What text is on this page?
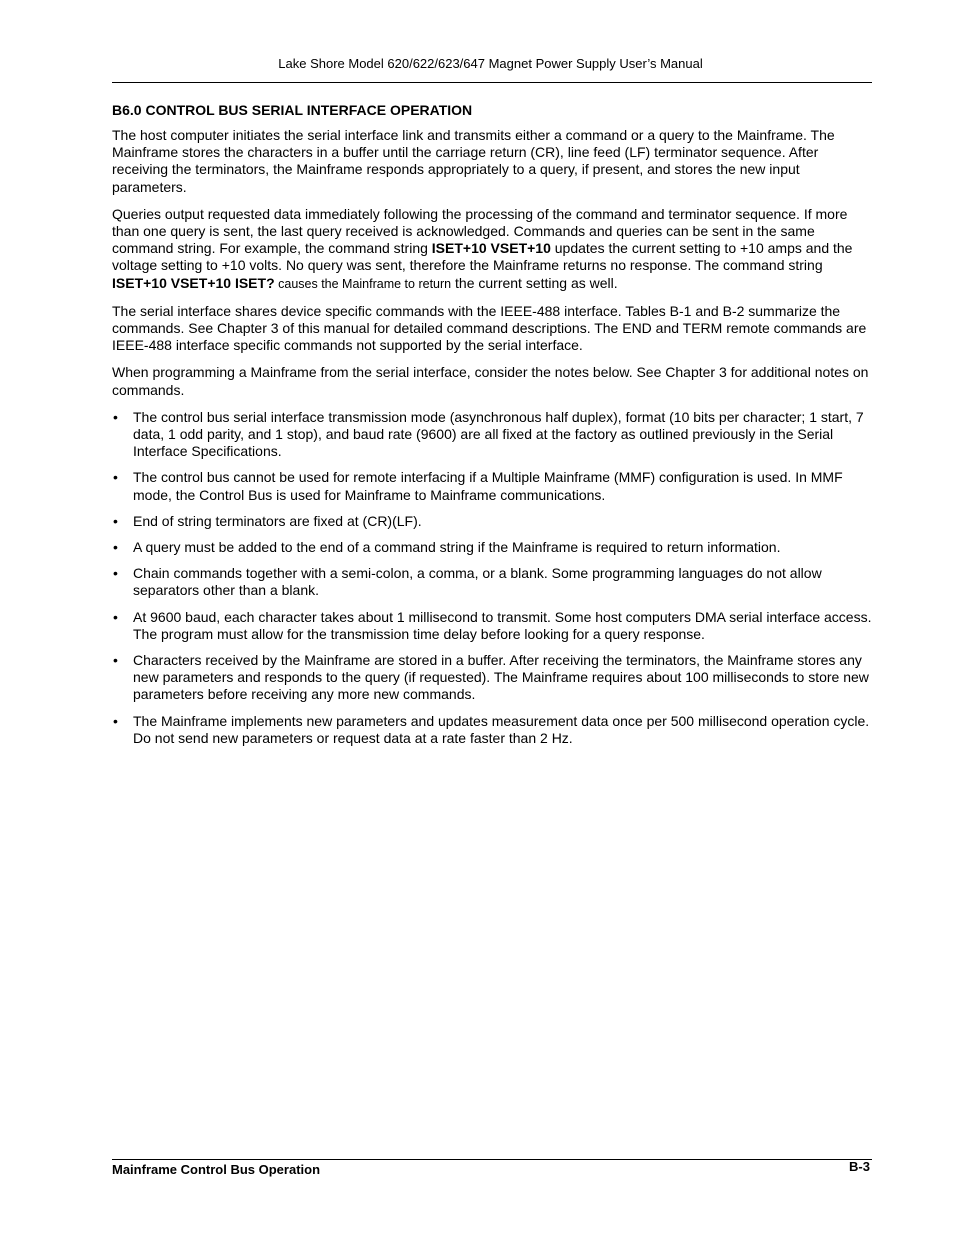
Lake Shore Model 620/622/623/647 Magnet Power Supply User’s Manual
B6.0 CONTROL BUS SERIAL INTERFACE OPERATION

The host computer initiates the serial interface link and transmits either a command or a query to the Mainframe. The Mainframe stores the characters in a buffer until the carriage return (CR), line feed (LF) terminator sequence. After receiving the terminators, the Mainframe responds appropriately to a query, if present, and stores the new input parameters.

Queries output requested data immediately following the processing of the command and terminator sequence. If more than one query is sent, the last query received is acknowledged. Commands and queries can be sent in the same command string. For example, the command string ISET+10 VSET+10 updates the current setting to +10 amps and the voltage setting to +10 volts. No query was sent, therefore the Mainframe returns no response. The command string ISET+10 VSET+10 ISET? causes the Mainframe to return the current setting as well.

The serial interface shares device specific commands with the IEEE-488 interface. Tables B-1 and B-2 summarize the commands. See Chapter 3 of this manual for detailed command descriptions. The END and TERM remote commands are IEEE-488 interface specific commands not supported by the serial interface.

When programming a Mainframe from the serial interface, consider the notes below. See Chapter 3 for additional notes on commands.

• The control bus serial interface transmission mode (asynchronous half duplex), format (10 bits per character; 1 start, 7 data, 1 odd parity, and 1 stop), and baud rate (9600) are all fixed at the factory as outlined previously in the Serial Interface Specifications.
• The control bus cannot be used for remote interfacing if a Multiple Mainframe (MMF) configuration is used. In MMF mode, the Control Bus is used for Mainframe to Mainframe communications.
• End of string terminators are fixed at (CR)(LF).
• A query must be added to the end of a command string if the Mainframe is required to return information.
• Chain commands together with a semi-colon, a comma, or a blank. Some programming languages do not allow separators other than a blank.
• At 9600 baud, each character takes about 1 millisecond to transmit. Some host computers DMA serial interface access. The program must allow for the transmission time delay before looking for a query response.
• Characters received by the Mainframe are stored in a buffer. After receiving the terminators, the Mainframe stores any new parameters and responds to the query (if requested). The Mainframe requires about 100 milliseconds to store new parameters before receiving any more new commands.
• The Mainframe implements new parameters and updates measurement data once per 500 millisecond operation cycle. Do not send new parameters or request data at a rate faster than 2 Hz.
Mainframe Control Bus Operation	B-3
